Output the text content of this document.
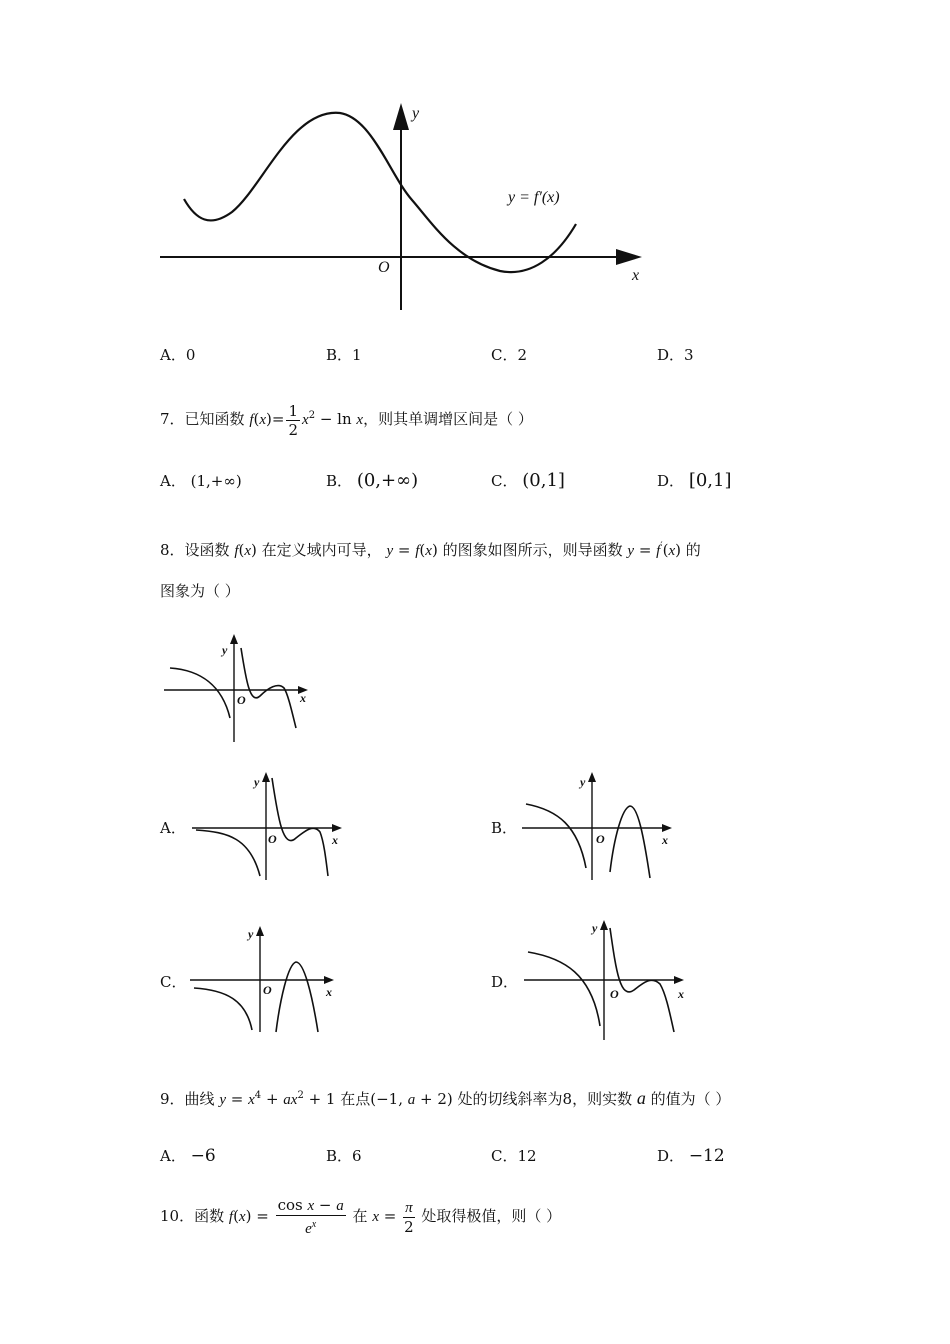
y
x
O
y = f′(x)
A．0	B．1	C．2	D．3
7．已知函数 $f(x)= \frac{1}{2} x^2 - \ln x$，则其单调增区间是（ ）
A． (1,+∞)	B． (0,+∞)	C． (0,1]	D． [0,1]
8．设函数 f(x) 在定义域内可导， y = f(x) 的图象如图所示，则导函数 y = f′(x) 的
图象为（ ）
y
x
O
A．
y
x
O
B．
y
x
O
C．
y
x
O	D．
y
x
O
9．曲线 $y = x^4 + ax^2 + 1$ 在点(−1, a + 2) 处的切线斜率为8，则实数 a 的值为（ ）
A． −6	B．6	C．12	D． −12
10．函数 $f(x) = \frac{\text{cos x − a}}{e^x}$ 在 $x = \frac{\pi}{2}$ 处取得极值，则（ ）
